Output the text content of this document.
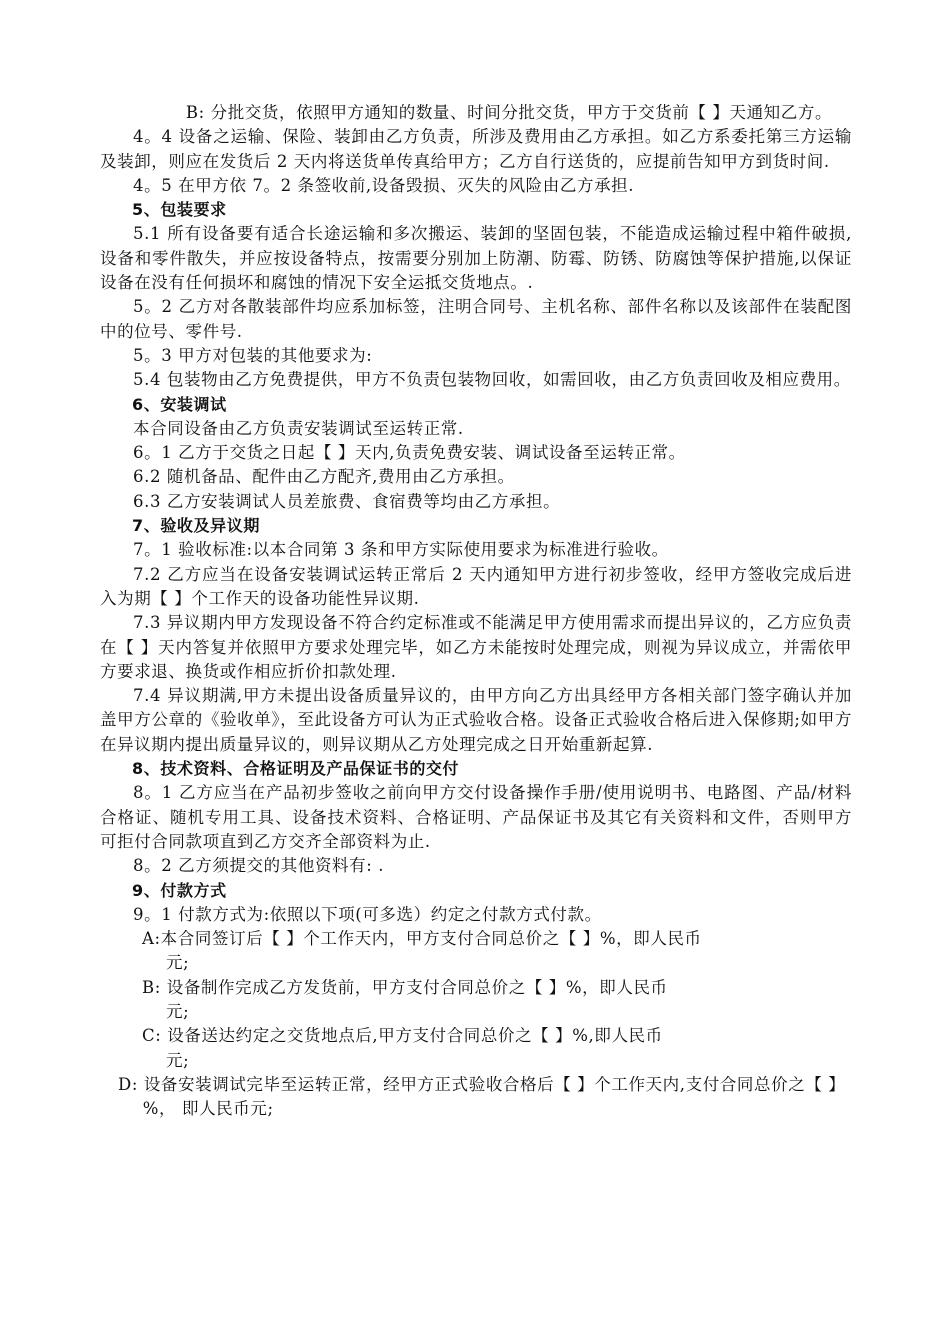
B: 分批交货，依照甲方通知的数量、时间分批交货，甲方于交货前【 】天通知乙方。

4。4 设备之运输、保险、装卸由乙方负责，所涉及费用由乙方承担。如乙方系委托第三方运输及装卸，则应在发货后 2 天内将送货单传真给甲方；乙方自行送货的，应提前告知甲方到货时间.

4。5 在甲方依 7。2 条签收前,设备毁损、灭失的风险由乙方承担.

5、包装要求

5.1 所有设备要有适合长途运输和多次搬运、装卸的坚固包装，不能造成运输过程中箱件破损,设备和零件散失，并应按设备特点，按需要分别加上防潮、防霉、防锈、防腐蚀等保护措施,以保证设备在没有任何损坏和腐蚀的情况下安全运抵交货地点。.

5。2 乙方对各散装部件均应系加标签，注明合同号、主机名称、部件名称以及该部件在装配图中的位号、零件号.

5。3 甲方对包装的其他要求为:

5.4 包装物由乙方免费提供，甲方不负责包装物回收，如需回收，由乙方负责回收及相应费用。

6、安装调试

本合同设备由乙方负责安装调试至运转正常.

6。1 乙方于交货之日起【 】天内,负责免费安装、调试设备至运转正常。

6.2 随机备品、配件由乙方配齐,费用由乙方承担。

6.3 乙方安装调试人员差旅费、食宿费等均由乙方承担。

7、验收及异议期

7。1 验收标准:以本合同第 3 条和甲方实际使用要求为标准进行验收。

7.2 乙方应当在设备安装调试运转正常后 2 天内通知甲方进行初步签收，经甲方签收完成后进入为期【 】个工作天的设备功能性异议期.

7.3 异议期内甲方发现设备不符合约定标准或不能满足甲方使用需求而提出异议的，乙方应负责在【 】天内答复并依照甲方要求处理完毕，如乙方未能按时处理完成，则视为异议成立，并需依甲方要求退、换货或作相应折价扣款处理.

7.4 异议期满,甲方未提出设备质量异议的，由甲方向乙方出具经甲方各相关部门签字确认并加盖甲方公章的《验收单》，至此设备方可认为正式验收合格。设备正式验收合格后进入保修期;如甲方在异议期内提出质量异议的，则异议期从乙方处理完成之日开始重新起算.

8、技术资料、合格证明及产品保证书的交付

8。1 乙方应当在产品初步签收之前向甲方交付设备操作手册/使用说明书、电路图、产品/材料合格证、随机专用工具、设备技术资料、合格证明、产品保证书及其它有关资料和文件，否则甲方可拒付合同款项直到乙方交齐全部资料为止.

8。2 乙方须提交的其他资料有: .

9、付款方式

9。1 付款方式为:依照以下项(可多选）约定之付款方式付款。

A:本合同签订后【 】个工作天内，甲方支付合同总价之【 】%，即人民币

元;

B: 设备制作完成乙方发货前，甲方支付合同总价之【 】%，即人民币

元;

C: 设备送达约定之交货地点后,甲方支付合同总价之【 】%,即人民币

元;

D: 设备安装调试完毕至运转正常，经甲方正式验收合格后【 】个工作天内,支付合同总价之【 】%， 即人民币元;
